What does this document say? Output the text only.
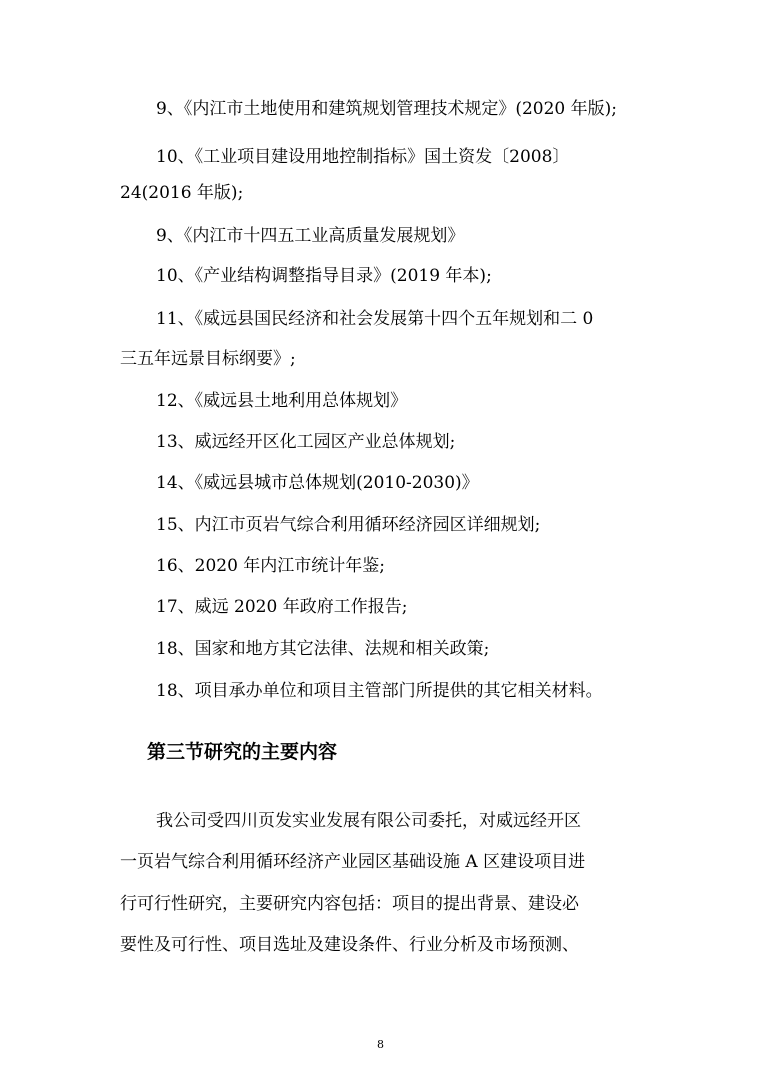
9、《内江市土地使用和建筑规划管理技术规定》(2020 年版);
10、《工业项目建设用地控制指标》国土资发〔2008〕
24(2016 年版);
9、《内江市十四五工业高质量发展规划》
10、《产业结构调整指导目录》(2019 年本);
11、《威远县国民经济和社会发展第十四个五年规划和二 0
三五年远景目标纲要》;
12、《威远县土地利用总体规划》
13、威远经开区化工园区产业总体规划;
14、《威远县城市总体规划(2010-2030)》
15、内江市页岩气综合利用循环经济园区详细规划;
16、2020 年内江市统计年鉴;
17、威远 2020 年政府工作报告;
18、国家和地方其它法律、法规和相关政策;
18、项目承办单位和项目主管部门所提供的其它相关材料。
第三节研究的主要内容
我公司受四川页发实业发展有限公司委托，对威远经开区
一页岩气综合利用循环经济产业园区基础设施 A 区建设项目进
行可行性研究，主要研究内容包括：项目的提出背景、建设必
要性及可行性、项目选址及建设条件、行业分析及市场预测、
8
